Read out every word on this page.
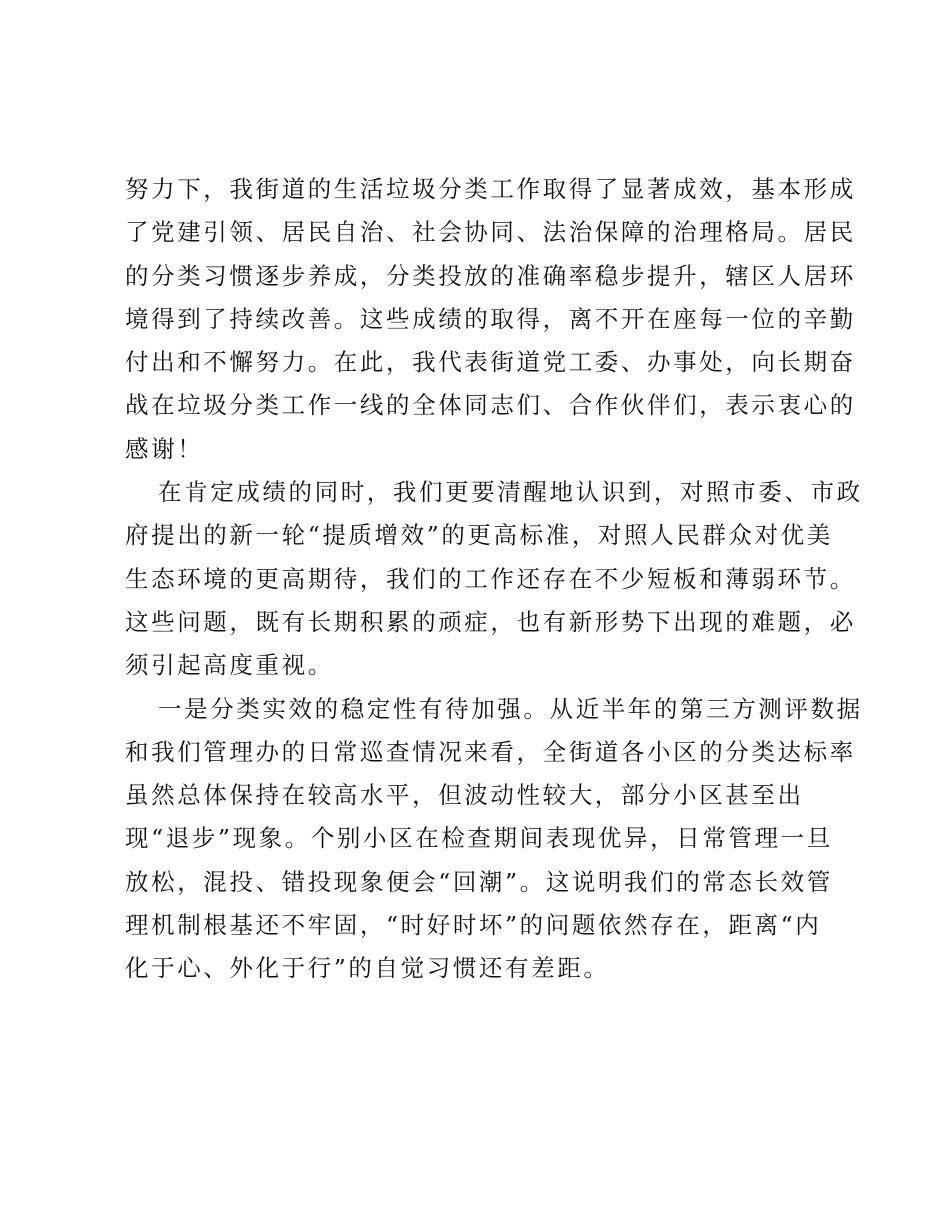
努力下，我街道的生活垃圾分类工作取得了显著成效，基本形成
了党建引领、居民自治、社会协同、法治保障的治理格局。居民
的分类习惯逐步养成，分类投放的准确率稳步提升，辖区人居环
境得到了持续改善。这些成绩的取得，离不开在座每一位的辛勤
付出和不懈努力。在此，我代表街道党工委、办事处，向长期奋
战在垃圾分类工作一线的全体同志们、合作伙伴们，表示衷心的
感谢！
在肯定成绩的同时，我们更要清醒地认识到，对照市委、市政
府提出的新一轮“提质增效”的更高标准，对照人民群众对优美
生态环境的更高期待，我们的工作还存在不少短板和薄弱环节。
这些问题，既有长期积累的顽症，也有新形势下出现的难题，必
须引起高度重视。
一是分类实效的稳定性有待加强。从近半年的第三方测评数据
和我们管理办的日常巡查情况来看，全街道各小区的分类达标率
虽然总体保持在较高水平，但波动性较大，部分小区甚至出
现“退步”现象。个别小区在检查期间表现优异，日常管理一旦
放松，混投、错投现象便会“回潮”。这说明我们的常态长效管
理机制根基还不牢固，“时好时坏”的问题依然存在，距离“内
化于心、外化于行”的自觉习惯还有差距。
